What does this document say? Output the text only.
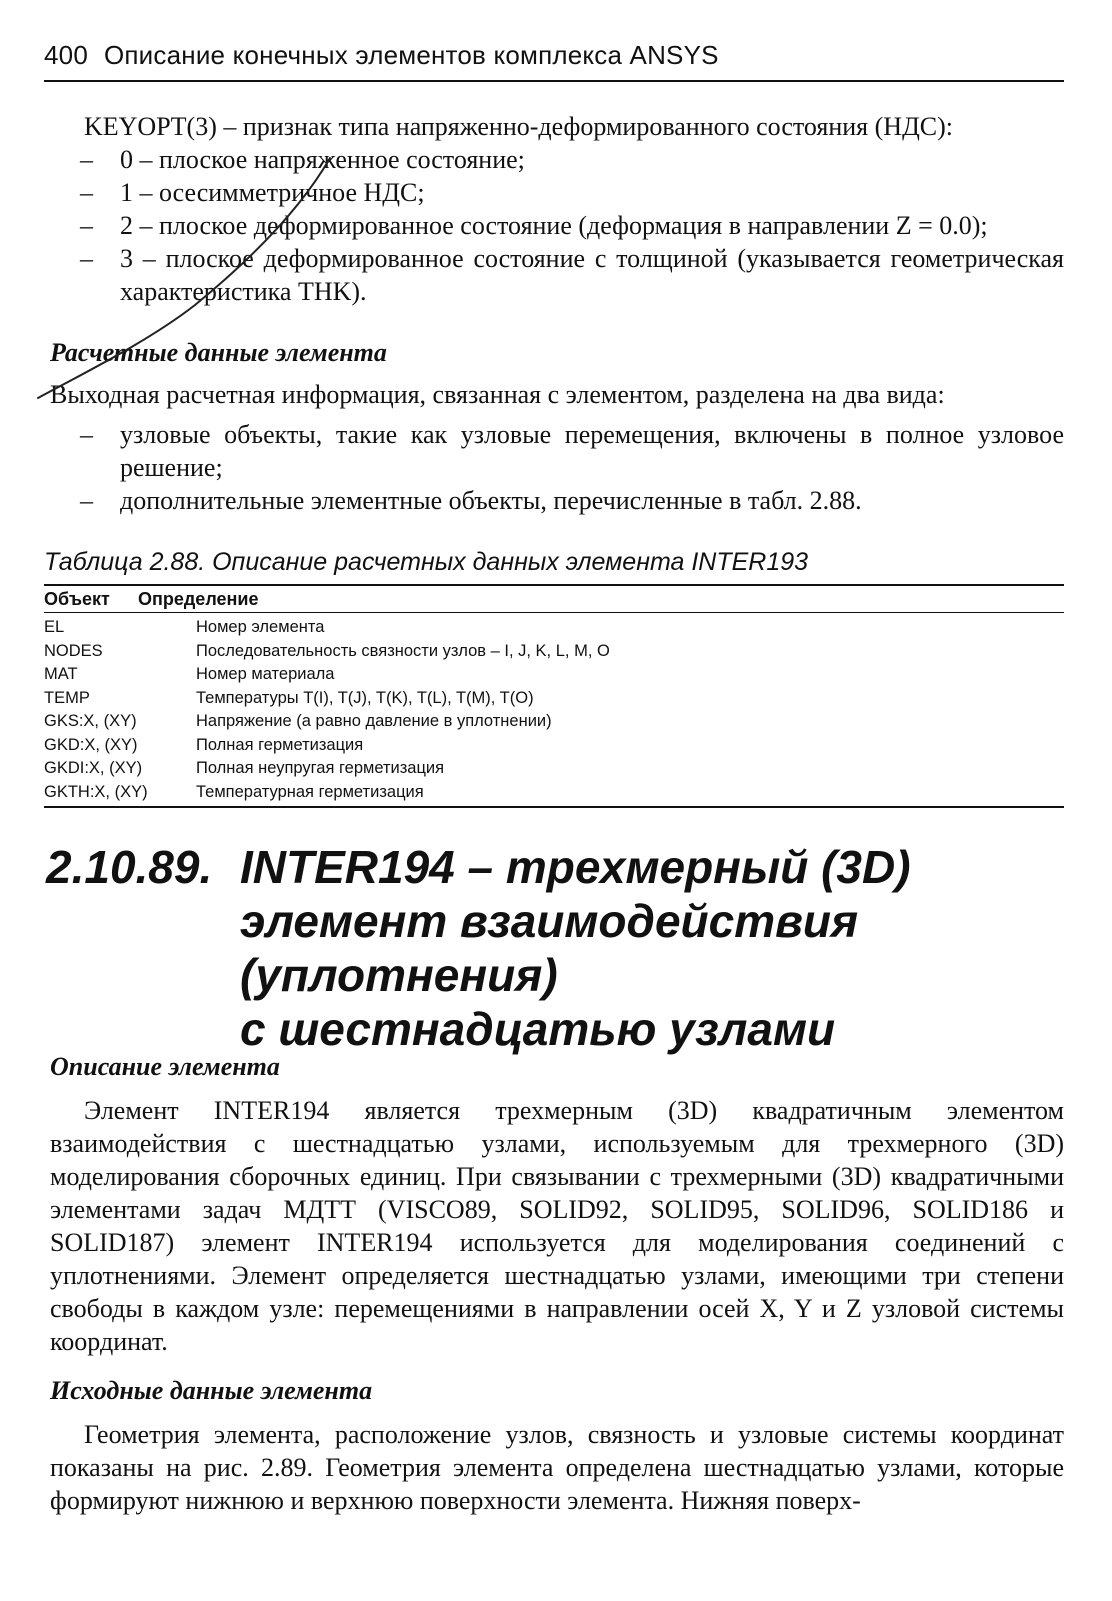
400 Описание конечных элементов комплекса ANSYS
KEYOPT(3) – признак типа напряженно-деформированного состояния (НДС):
– 0 – плоское напряженное состояние;
– 1 – осесимметричное НДС;
– 2 – плоское деформированное состояние (деформация в направлении Z = 0.0);
– 3 – плоское деформированное состояние с толщиной (указывается геометрическая характеристика THK).
Расчетные данные элемента
Выходная расчетная информация, связанная с элементом, разделена на два вида:
– узловые объекты, такие как узловые перемещения, включены в полное узловое решение;
– дополнительные элементные объекты, перечисленные в табл. 2.88.
Таблица 2.88. Описание расчетных данных элемента INTER193
Объект	Определение
EL	Номер элемента
NODES	Последовательность связности узлов – I, J, K, L, M, O
MAT	Номер материала
TEMP	Температуры T(I), T(J), T(K), T(L), T(M), T(O)
GKS:X, (XY)	Напряжение (а равно давление в уплотнении)
GKD:X, (XY)	Полная герметизация
GKDI:X, (XY)	Полная неупругая герметизация
GKTH:X, (XY)	Температурная герметизация
2.10.89. INTER194 – трехмерный (3D)
элемент взаимодействия
(уплотнения)
с шестнадцатью узлами
Описание элемента
Элемент INTER194 является трехмерным (3D) квадратичным элементом взаимодействия с шестнадцатью узлами, используемым для трехмерного (3D) моделирования сборочных единиц. При связывании с трехмерными (3D) квадратичными элементами задач МДТТ (VISCO89, SOLID92, SOLID95, SOLID96, SOLID186 и SOLID187) элемент INTER194 используется для моделирования соединений с уплотнениями. Элемент определяется шестнадцатью узлами, имеющими три степени свободы в каждом узле: перемещениями в направлении осей X, Y и Z узловой системы координат.
Исходные данные элемента
Геометрия элемента, расположение узлов, связность и узловые системы координат показаны на рис. 2.89. Геометрия элемента определена шестнадцатью узлами, которые формируют нижнюю и верхнюю поверхности элемента. Нижняя поверх-
